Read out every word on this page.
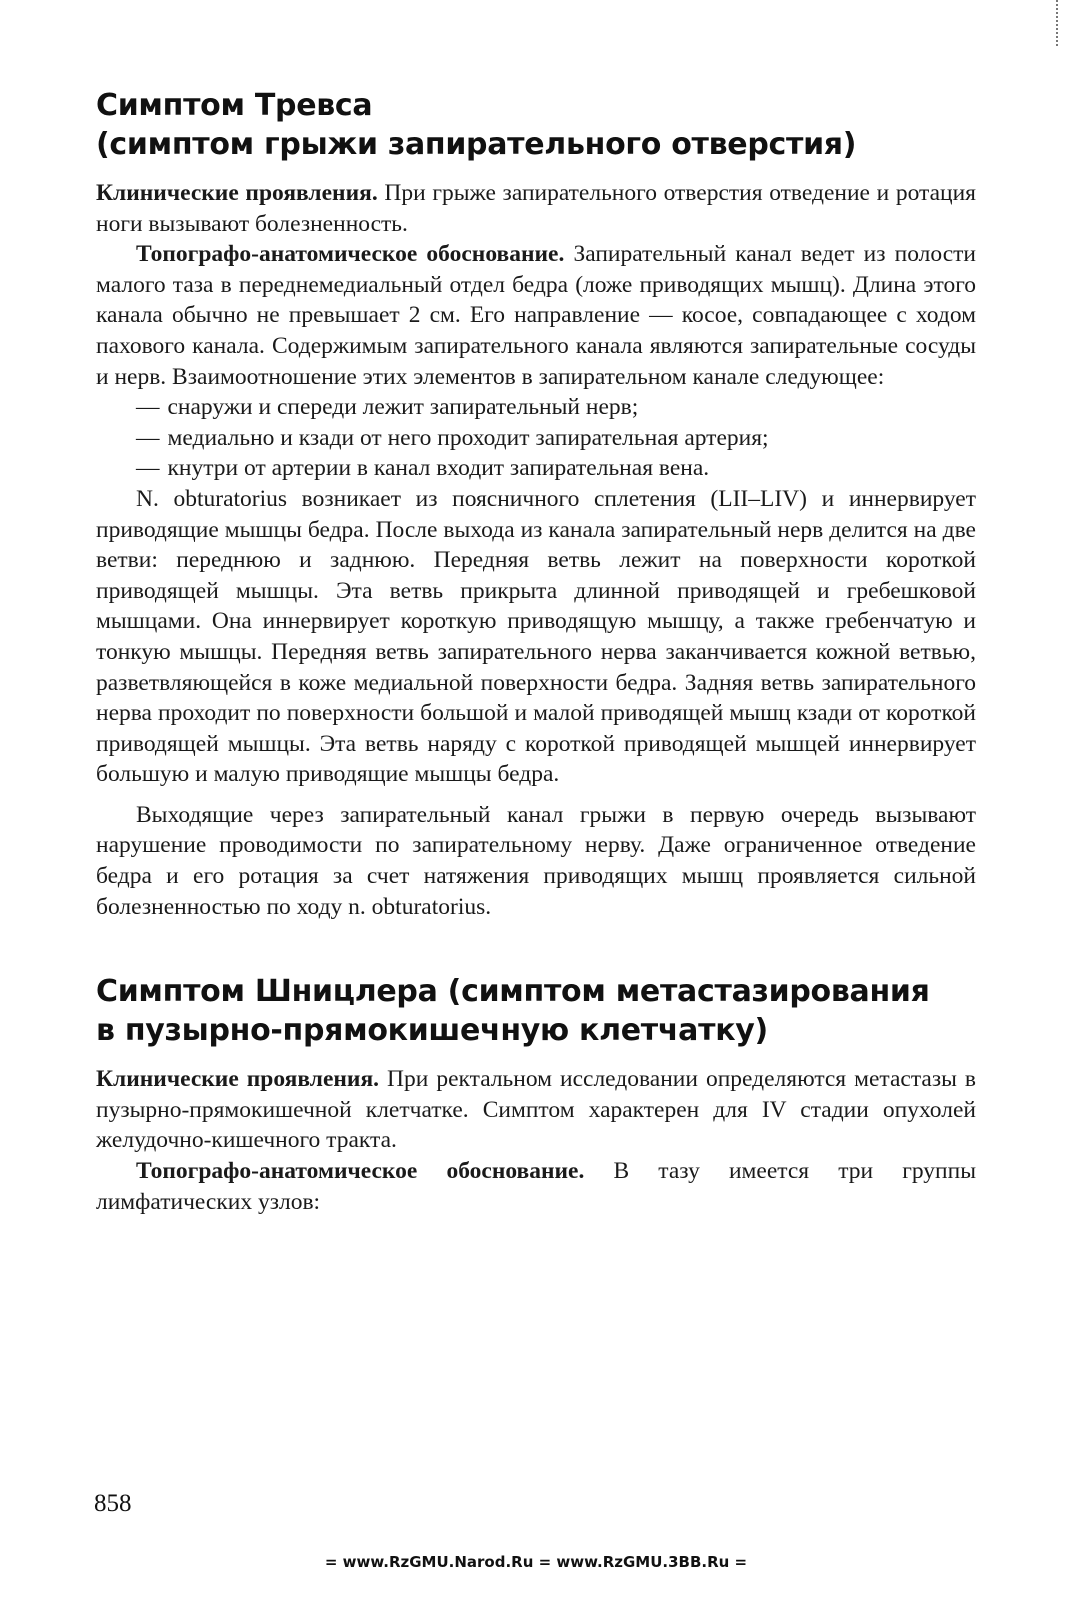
Симптом Тревса
(симптом грыжи запирательного отверстия)

Клинические проявления. При грыже запирательного отверстия отведение и ротация ноги вызывают болезненность.

Топографо-анатомическое обоснование. Запирательный канал ведет из полости малого таза в переднемедиальный отдел бедра (ложе приводящих мышц). Длина этого канала обычно не превышает 2 см. Его направление — косое, совпадающее с ходом пахового канала. Содержимым запирательного канала являются запирательные сосуды и нерв. Взаимоотношение этих элементов в запирательном канале следующее:

— снаружи и спереди лежит запирательный нерв;
— медиально и кзади от него проходит запирательная артерия;
— кнутри от артерии в канал входит запирательная вена.

N. obturatorius возникает из поясничного сплетения (LII–LIV) и иннервирует приводящие мышцы бедра. После выхода из канала запирательный нерв делится на две ветви: переднюю и заднюю. Передняя ветвь лежит на поверхности короткой приводящей мышцы. Эта ветвь прикрыта длинной приводящей и гребешковой мышцами. Она иннервирует короткую приводящую мышцу, а также гребенчатую и тонкую мышцы. Передняя ветвь запирательного нерва заканчивается кожной ветвью, разветвляющейся в коже медиальной поверхности бедра. Задняя ветвь запирательного нерва проходит по поверхности большой и малой приводящей мышц кзади от короткой приводящей мышцы. Эта ветвь наряду с короткой приводящей мышцей иннервирует большую и малую приводящие мышцы бедра.

Выходящие через запирательный канал грыжи в первую очередь вызывают нарушение проводимости по запирательному нерву. Даже ограниченное отведение бедра и его ротация за счет натяжения приводящих мышц проявляется сильной болезненностью по ходу n. obturatorius.

Симптом Шницлера (симптом метастазирования
в пузырно-прямокишечную клетчатку)

Клинические проявления. При ректальном исследовании определяются метастазы в пузырно-прямокишечной клетчатке. Симптом характерен для IV стадии опухолей желудочно-кишечного тракта.

Топографо-анатомическое обоснование. В тазу имеется три группы лимфатических узлов:

858
= www.RzGMU.Narod.Ru = www.RzGMU.3BB.Ru =
